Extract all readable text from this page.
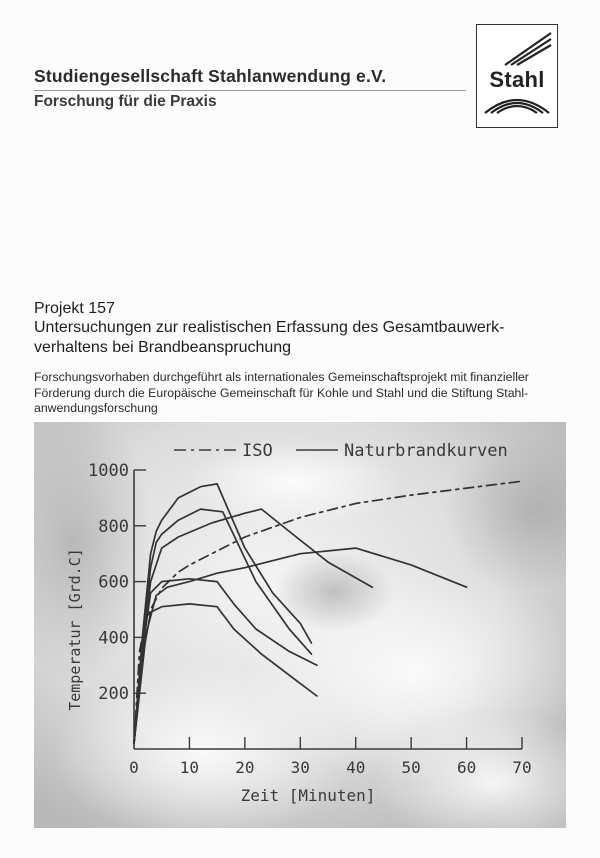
Studiengesellschaft Stahlanwendung e.V.
Forschung für die Praxis
Stahl
Projekt 157
Untersuchungen zur realistischen Erfassung des Gesamtbauwerk-verhaltens bei Brandbeanspruchung
Forschungsvorhaben durchgeführt als internationales Gemeinschaftsprojekt mit finanzieller Förderung durch die Europäische Gemeinschaft für Kohle und Stahl und die Stiftung Stahl-anwendungsforschung
200
400
600
800
1000
0	10 20 30 40 50 60 70
Zeit [Minuten]
Temperatur [Grd.C]
ISO	Naturbrandkurven
